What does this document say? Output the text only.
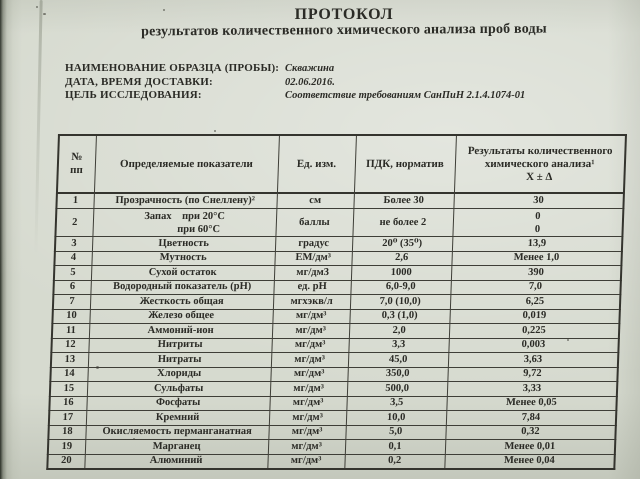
ПРОТОКОЛ
результатов количественного химического анализа проб воды
НАИМЕНОВАНИЕ ОБРАЗЦА (ПРОБЫ): Скважина
ДАТА, ВРЕМЯ ДОСТАВКИ:	02.06.2016.
ЦЕЛЬ ИССЛЕДОВАНИЯ:	Соответствие требованиям СанПиН 2.1.4.1074-01
№
пп	Определяемые показатели	Ед. изм.	ПДК, норматив	Результаты количественного
химического анализа¹
Х ± Δ
1	Прозрачность (по Снеллену)²	см	Более 30	30
2	Запах    при 20°С
при 60°С	баллы	не более 2	0
0
3	Цветность	градус	20⁰ (35⁰)	13,9
4	Мутность	ЕМ/дм³	2,6	Менее 1,0
5	Сухой остаток	мг/дм3	1000	390
6	Водородный показатель (рН)	ед. рН	6,0-9,0	7,0
7	Жесткость общая	мгхэкв/л	7,0 (10,0)	6,25
10	Железо общее	мг/дм³	0,3 (1,0)	0,019
11	Аммоний-ион	мг/дм³	2,0	0,225
12	Нитриты	мг/дм³	3,3	0,003
13	Нитраты	мг/дм³	45,0	3,63
14	Хлориды	мг/дм³	350,0	9,72
15	Сульфаты	мг/дм³	500,0	3,33
16	Фосфаты	мг/дм³	3,5	Менее 0,05
17	Кремний	мг/дм³	10,0	7,84
18	Окисляемость перманганатная	мг/дм³	5,0	0,32
19	Марганец	мг/дм³	0,1	Менее 0,01
20	Алюминий	мг/дм³	0,2	Менее 0,04
